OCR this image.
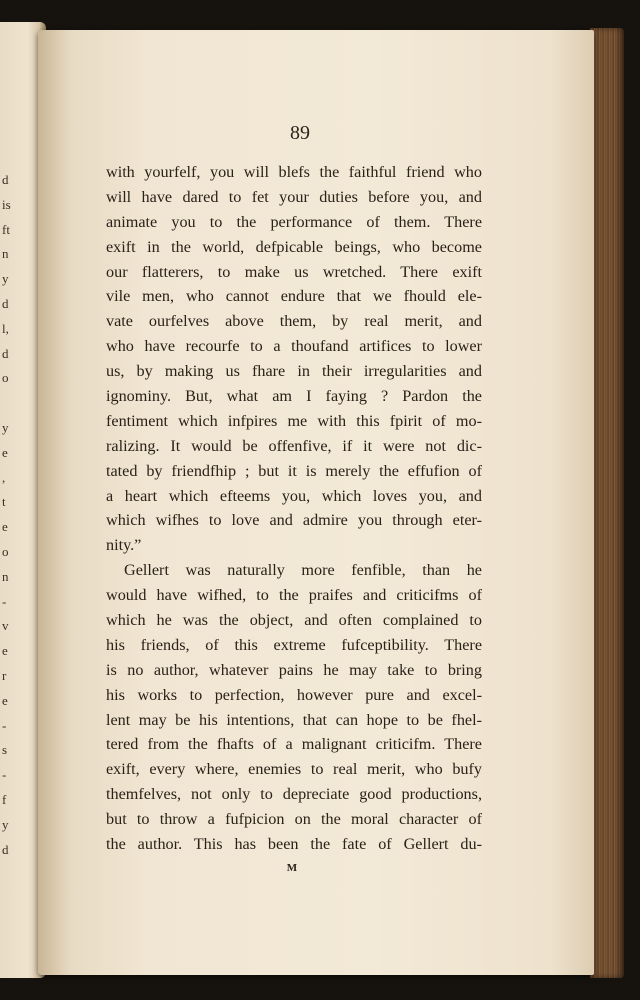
d
is
ft
n
y
d
l,
d
o
y
e
,
t
e
o
n
-
v
e
r
e
-
s
-
f
y
d
89
with yourfelf, you will blefs the faithful friend who
will have dared to fet your duties before you, and
animate you to the performance of them. There
exift in the world, defpicable beings, who become
our flatterers, to make us wretched. There exift
vile men, who cannot endure that we fhould ele-
vate ourfelves above them, by real merit, and
who have recourfe to a thoufand artifices to lower
us, by making us fhare in their irregularities and
ignominy. But, what am I faying ? Pardon the
fentiment which infpires me with this fpirit of mo-
ralizing. It would be offenfive, if it were not dic-
tated by friendfhip ; but it is merely the effufion of
a heart which efteems you, which loves you, and
which wifhes to love and admire you through eter-
nity.”
Gellert was naturally more fenfible, than he
would have wifhed, to the praifes and criticifms of
which he was the object, and often complained to
his friends, of this extreme fufceptibility. There
is no author, whatever pains he may take to bring
his works to perfection, however pure and excel-
lent may be his intentions, that can hope to be fhel-
tered from the fhafts of a malignant criticifm. There
exift, every where, enemies to real merit, who bufy
themfelves, not only to depreciate good productions,
but to throw a fufpicion on the moral character of
the author. This has been the fate of Gellert du-
M
